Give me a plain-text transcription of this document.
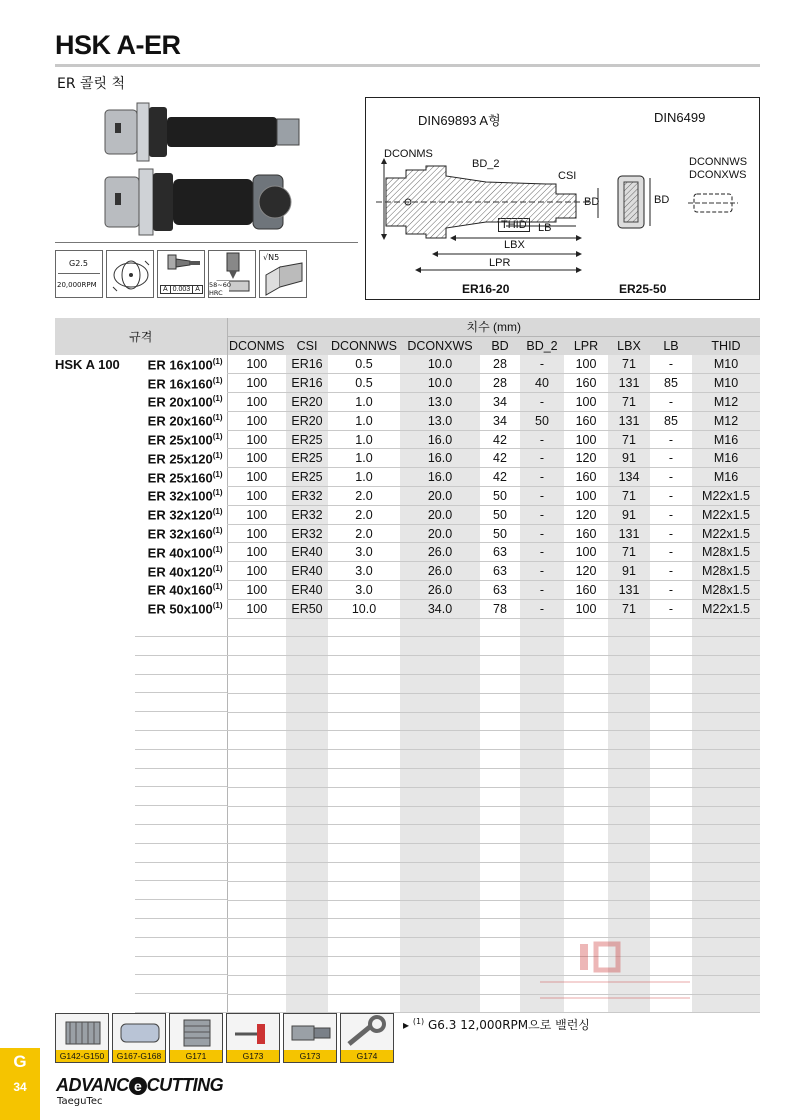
HSK A-ER
ER 콜릿 척
G2.5
20,000RPM
A 0.003 A
58~60 HRC
√N5
DIN69893 A형	DIN6499
DCONMS
BD_2
CSI
BD
THID LB
LBX
LPR
BD
DCONNWS
DCONXWS
ER16-20	ER25-50
규격	치수 (mm)									
	DCONMS	CSI	DCONNWS	DCONXWS	BD	BD_2	LPR	LBX	LB	THID

HSK A 100 ER 16x100$^{(1)}$	100	ER16	0.5	10.0	28	-	100	71	-	M10
ER 16x160$^{(1)}$	100	ER16	0.5	10.0	28	40	160	131	85	M10
ER 20x100$^{(1)}$	100	ER20	1.0	13.0	34	-	100	71	-	M12
ER 20x160$^{(1)}$	100	ER20	1.0	13.0	34	50	160	131	85	M12
ER 25x100$^{(1)}$	100	ER25	1.0	16.0	42	-	100	71	-	M16
ER 25x120$^{(1)}$	100	ER25	1.0	16.0	42	-	120	91	-	M16
ER 25x160$^{(1)}$	100	ER25	1.0	16.0	42	-	160	134	-	M16
ER 32x100$^{(1)}$	100	ER32	2.0	20.0	50	-	100	71	-	M22x1.5
ER 32x120$^{(1)}$	100	ER32	2.0	20.0	50	-	120	91	-	M22x1.5
ER 32x160$^{(1)}$	100	ER32	2.0	20.0	50	-	160	131	-	M22x1.5
ER 40x100$^{(1)}$	100	ER40	3.0	26.0	63	-	100	71	-	M28x1.5
ER 40x120$^{(1)}$	100	ER40	3.0	26.0	63	-	120	91	-	M28x1.5
ER 40x160$^{(1)}$	100	ER40	3.0	26.0	63	-	160	131	-	M28x1.5
ER 50x100$^{(1)}$	100	ER50	10.0	34.0	78	-	100	71	-	M22x1.5

▸ $^{(1)}$ G6.3 12,000RPM으로 밸런싱
G142-G150	G167-G168	G171	G173	G173	G174
G
34	ADVANC e CUTTING
TaeguTec
